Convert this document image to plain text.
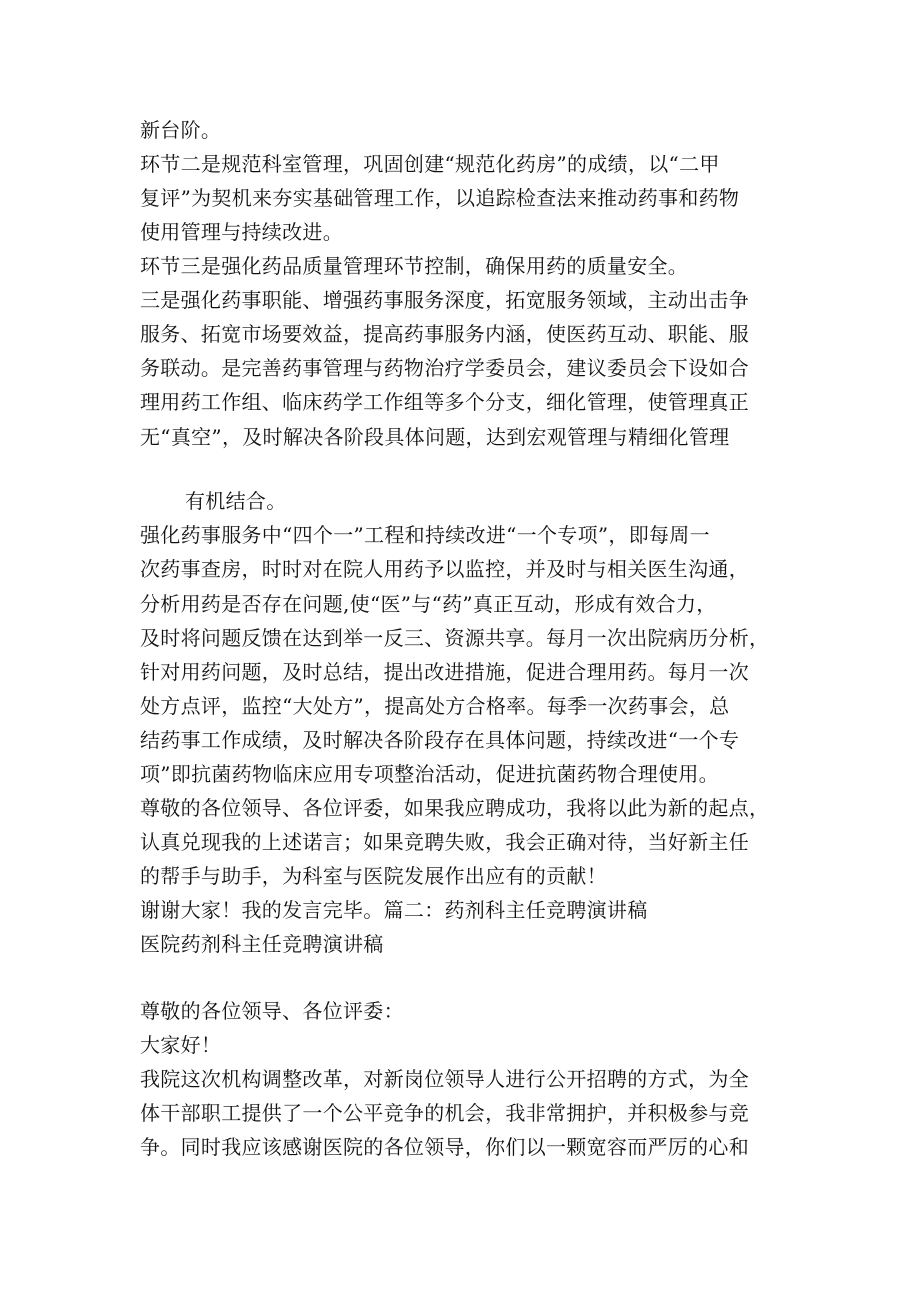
新台阶。
环节二是规范科室管理，巩固创建“规范化药房”的成绩，以“二甲
复评”为契机来夯实基础管理工作，以追踪检查法来推动药事和药物
使用管理与持续改进。
环节三是强化药品质量管理环节控制，确保用药的质量安全。
三是强化药事职能、增强药事服务深度，拓宽服务领域，主动出击争
服务、拓宽市场要效益，提高药事服务内涵，使医药互动、职能、服
务联动。是完善药事管理与药物治疗学委员会，建议委员会下设如合
理用药工作组、临床药学工作组等多个分支，细化管理，使管理真正
无“真空”，及时解决各阶段具体问题，达到宏观管理与精细化管理
有机结合。
强化药事服务中“四个一”工程和持续改进“一个专项”，即每周一
次药事查房，时时对在院人用药予以监控，并及时与相关医生沟通，
分析用药是否存在问题,使“医”与“药”真正互动，形成有效合力，
及时将问题反馈在达到举一反三、资源共享。每月一次出院病历分析，
针对用药问题，及时总结，提出改进措施，促进合理用药。每月一次
处方点评，监控“大处方”，提高处方合格率。每季一次药事会，总
结药事工作成绩，及时解决各阶段存在具体问题，持续改进“一个专
项”即抗菌药物临床应用专项整治活动，促进抗菌药物合理使用。
尊敬的各位领导、各位评委，如果我应聘成功，我将以此为新的起点，
认真兑现我的上述诺言；如果竞聘失败，我会正确对待，当好新主任
的帮手与助手，为科室与医院发展作出应有的贡献！
谢谢大家！我的发言完毕。篇二：药剂科主任竞聘演讲稿
医院药剂科主任竞聘演讲稿
尊敬的各位领导、各位评委：
大家好！
我院这次机构调整改革，对新岗位领导人进行公开招聘的方式，为全
体干部职工提供了一个公平竞争的机会，我非常拥护，并积极参与竞
争。同时我应该感谢医院的各位领导，你们以一颗宽容而严厉的心和
